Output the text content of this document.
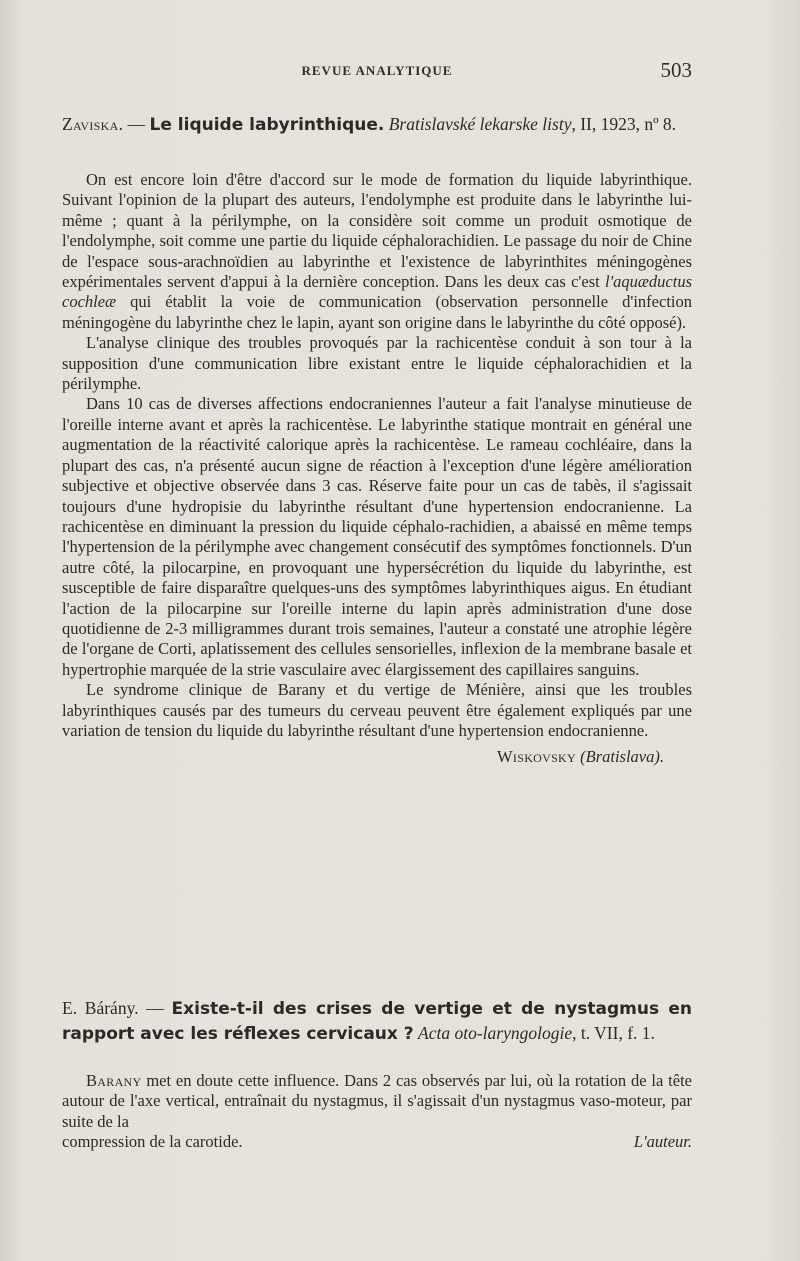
REVUE ANALYTIQUE	503
Zaviska. — Le liquide labyrinthique. Bratislavské lekarske listy, II, 1923, nº 8.

On est encore loin d'être d'accord sur le mode de formation du liquide labyrinthique. Suivant l'opinion de la plupart des auteurs, l'endolymphe est produite dans le labyrinthe lui-même ; quant à la périlymphe, on la considère soit comme un produit osmotique de l'endolymphe, soit comme une partie du liquide céphalorachidien. Le passage du noir de Chine de l'espace sous-arachnoïdien au labyrinthe et l'existence de labyrinthites méningogènes expérimentales servent d'appui à la dernière conception. Dans les deux cas c'est l'aquæductus cochleæ qui établit la voie de communication (observation personnelle d'infection méningogène du labyrinthe chez le lapin, ayant son origine dans le labyrinthe du côté opposé).

L'analyse clinique des troubles provoqués par la rachicentèse conduit à son tour à la supposition d'une communication libre existant entre le liquide céphalorachidien et la périlymphe.

Dans 10 cas de diverses affections endocraniennes l'auteur a fait l'analyse minutieuse de l'oreille interne avant et après la rachicentèse. Le labyrinthe statique montrait en général une augmentation de la réactivité calorique après la rachicentèse. Le rameau cochléaire, dans la plupart des cas, n'a présenté aucun signe de réaction à l'exception d'une légère amélioration subjective et objective observée dans 3 cas. Réserve faite pour un cas de tabès, il s'agissait toujours d'une hydropisie du labyrinthe résultant d'une hypertension endocranienne. La rachicentèse en diminuant la pression du liquide céphalo-rachidien, a abaissé en même temps l'hypertension de la périlymphe avec changement consécutif des symptômes fonctionnels. D'un autre côté, la pilocarpine, en provoquant une hypersécrétion du liquide du labyrinthe, est susceptible de faire disparaître quelques-uns des symptômes labyrinthiques aigus. En étudiant l'action de la pilocarpine sur l'oreille interne du lapin après administration d'une dose quotidienne de 2-3 milligrammes durant trois semaines, l'auteur a constaté une atrophie légère de l'organe de Corti, aplatissement des cellules sensorielles, inflexion de la membrane basale et hypertrophie marquée de la strie vasculaire avec élargissement des capillaires sanguins.

Le syndrome clinique de Barany et du vertige de Ménière, ainsi que les troubles labyrinthiques causés par des tumeurs du cerveau peuvent être également expliqués par une variation de tension du liquide du labyrinthe résultant d'une hypertension endocranienne.

Wiskovsky (Bratislava).

E. Bárány. — Existe-t-il des crises de vertige et de nystagmus en rapport avec les réflexes cervicaux ? Acta oto-laryngologie, t. VII, f. 1.

Barany met en doute cette influence. Dans 2 cas observés par lui, où la rotation de la tête autour de l'axe vertical, entraînait du nystagmus, il s'agissait d'un nystagmus vaso-moteur, par suite de la

compression de la carotide.	L'auteur.
